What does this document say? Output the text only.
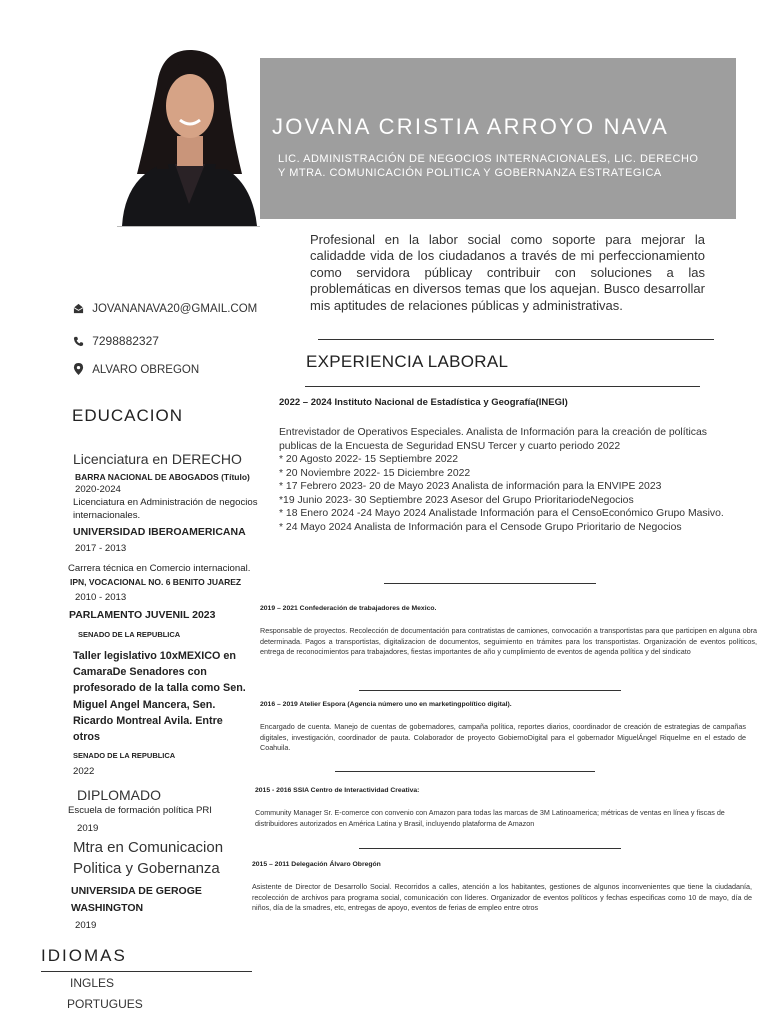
JOVANA CRISTIA ARROYO NAVA
LIC. ADMINISTRACIÓN DE NEGOCIOS INTERNACIONALES, LIC. DERECHO
Y MTRA. COMUNICACIÓN POLITICA Y GOBERNANZA ESTRATEGICA
Profesional en la labor social como soporte para mejorar la calidadde vida de los ciudadanos a través de mi perfeccionamiento como servidora públicay contribuir con soluciones a las problemáticas en diversos temas que los aquejan. Busco desarrollar mis aptitudes de relaciones públicas y administrativas.
JOVANANAVA20@GMAIL.COM
7298882327
ALVARO OBREGON
EDUCACION
Licenciatura en DERECHO
BARRA NACIONAL DE ABOGADOS (Título)
2020-2024
Licenciatura en Administración de negocios
internacionales.
UNIVERSIDAD IBEROAMERICANA
2017 - 2013
Carrera técnica en Comercio internacional.
IPN, VOCACIONAL NO. 6 BENITO JUAREZ
2010 - 2013
PARLAMENTO JUVENIL 2023
SENADO DE LA REPUBLICA
Taller legislativo 10xMEXICO en
CamaraDe Senadores con
profesorado de la talla como Sen.
Miguel Angel Mancera, Sen.
Ricardo Montreal Avila. Entre
otros
SENADO DE LA REPUBLICA
2022
DIPLOMADO
Escuela de formación política PRI
2019
Mtra en Comunicacion
Politica y Gobernanza
UNIVERSIDA DE GEROGE
WASHINGTON
2019
IDIOMAS
INGLES
PORTUGUES
EXPERIENCIA LABORAL
2022 – 2024 Instituto Nacional de Estadística y Geografía(INEGI)
Entrevistador de Operativos Especiales. Analista de Información para la creación de políticas
publicas de la Encuesta de Seguridad ENSU Tercer y cuarto periodo 2022
* 20 Agosto 2022- 15 Septiembre 2022
* 20 Noviembre 2022- 15 Diciembre 2022
* 17 Febrero 2023- 20 de Mayo 2023 Analista de información para la ENVIPE 2023
*19 Junio 2023- 30 Septiembre 2023 Asesor del Grupo PrioritariodeNegocios
* 18 Enero 2024 -24 Mayo 2024 Analistade Información para el CensoEconómico Grupo Masivo.
* 24 Mayo 2024 Analista de Información para el Censode Grupo Prioritario de Negocios
2019 – 2021 Confederación de trabajadores de Mexico.
Responsable de proyectos. Recolección de documentación para contratistas de camiones, convocación a transportistas para que participen en alguna obra determinada. Pagos a transportistas, digitalizacion de documentos, seguimiento en trámites para los transportistas. Organización de eventos políticos, entrega de reconocimientos para trabajadores, fiestas importantes de año y cumplimiento de eventos de agenda política y del sindicato
2016 – 2019 Atelier Espora (Agencia número uno en marketingpolítico digital).
Encargado de cuenta. Manejo de cuentas de gobernadores, campaña política, reportes diarios, coordinador de creación de estrategias de campañas digitales, investigación, coordinador de pauta. Colaborador de proyecto GobiernoDigital para el gobernador MiguelÁngel Riquelme en el estado de Coahuila.
2015 - 2016 SSIA Centro de Interactividad Creativa:
Community Manager Sr. E-comerce con convenio con Amazon para todas las marcas de 3M Latinoamerica; métricas de ventas en línea y fiscas de distribuidores autorizados en América Latina y Brasil, incluyendo plataforma de Amazon
2015 – 2011 Delegación Álvaro Obregón
Asistente de Director de Desarrollo Social. Recorridos a calles, atención a los habitantes, gestiones de algunos inconvenientes que tiene la ciudadanía, recolección de archivos para programa social, comunicación con líderes. Organizador de eventos políticos y fechas especificas como 10 de mayo, día de niños, día de la smadres, etc, entregas de apoyo, eventos de ferias de empleo entre otros
